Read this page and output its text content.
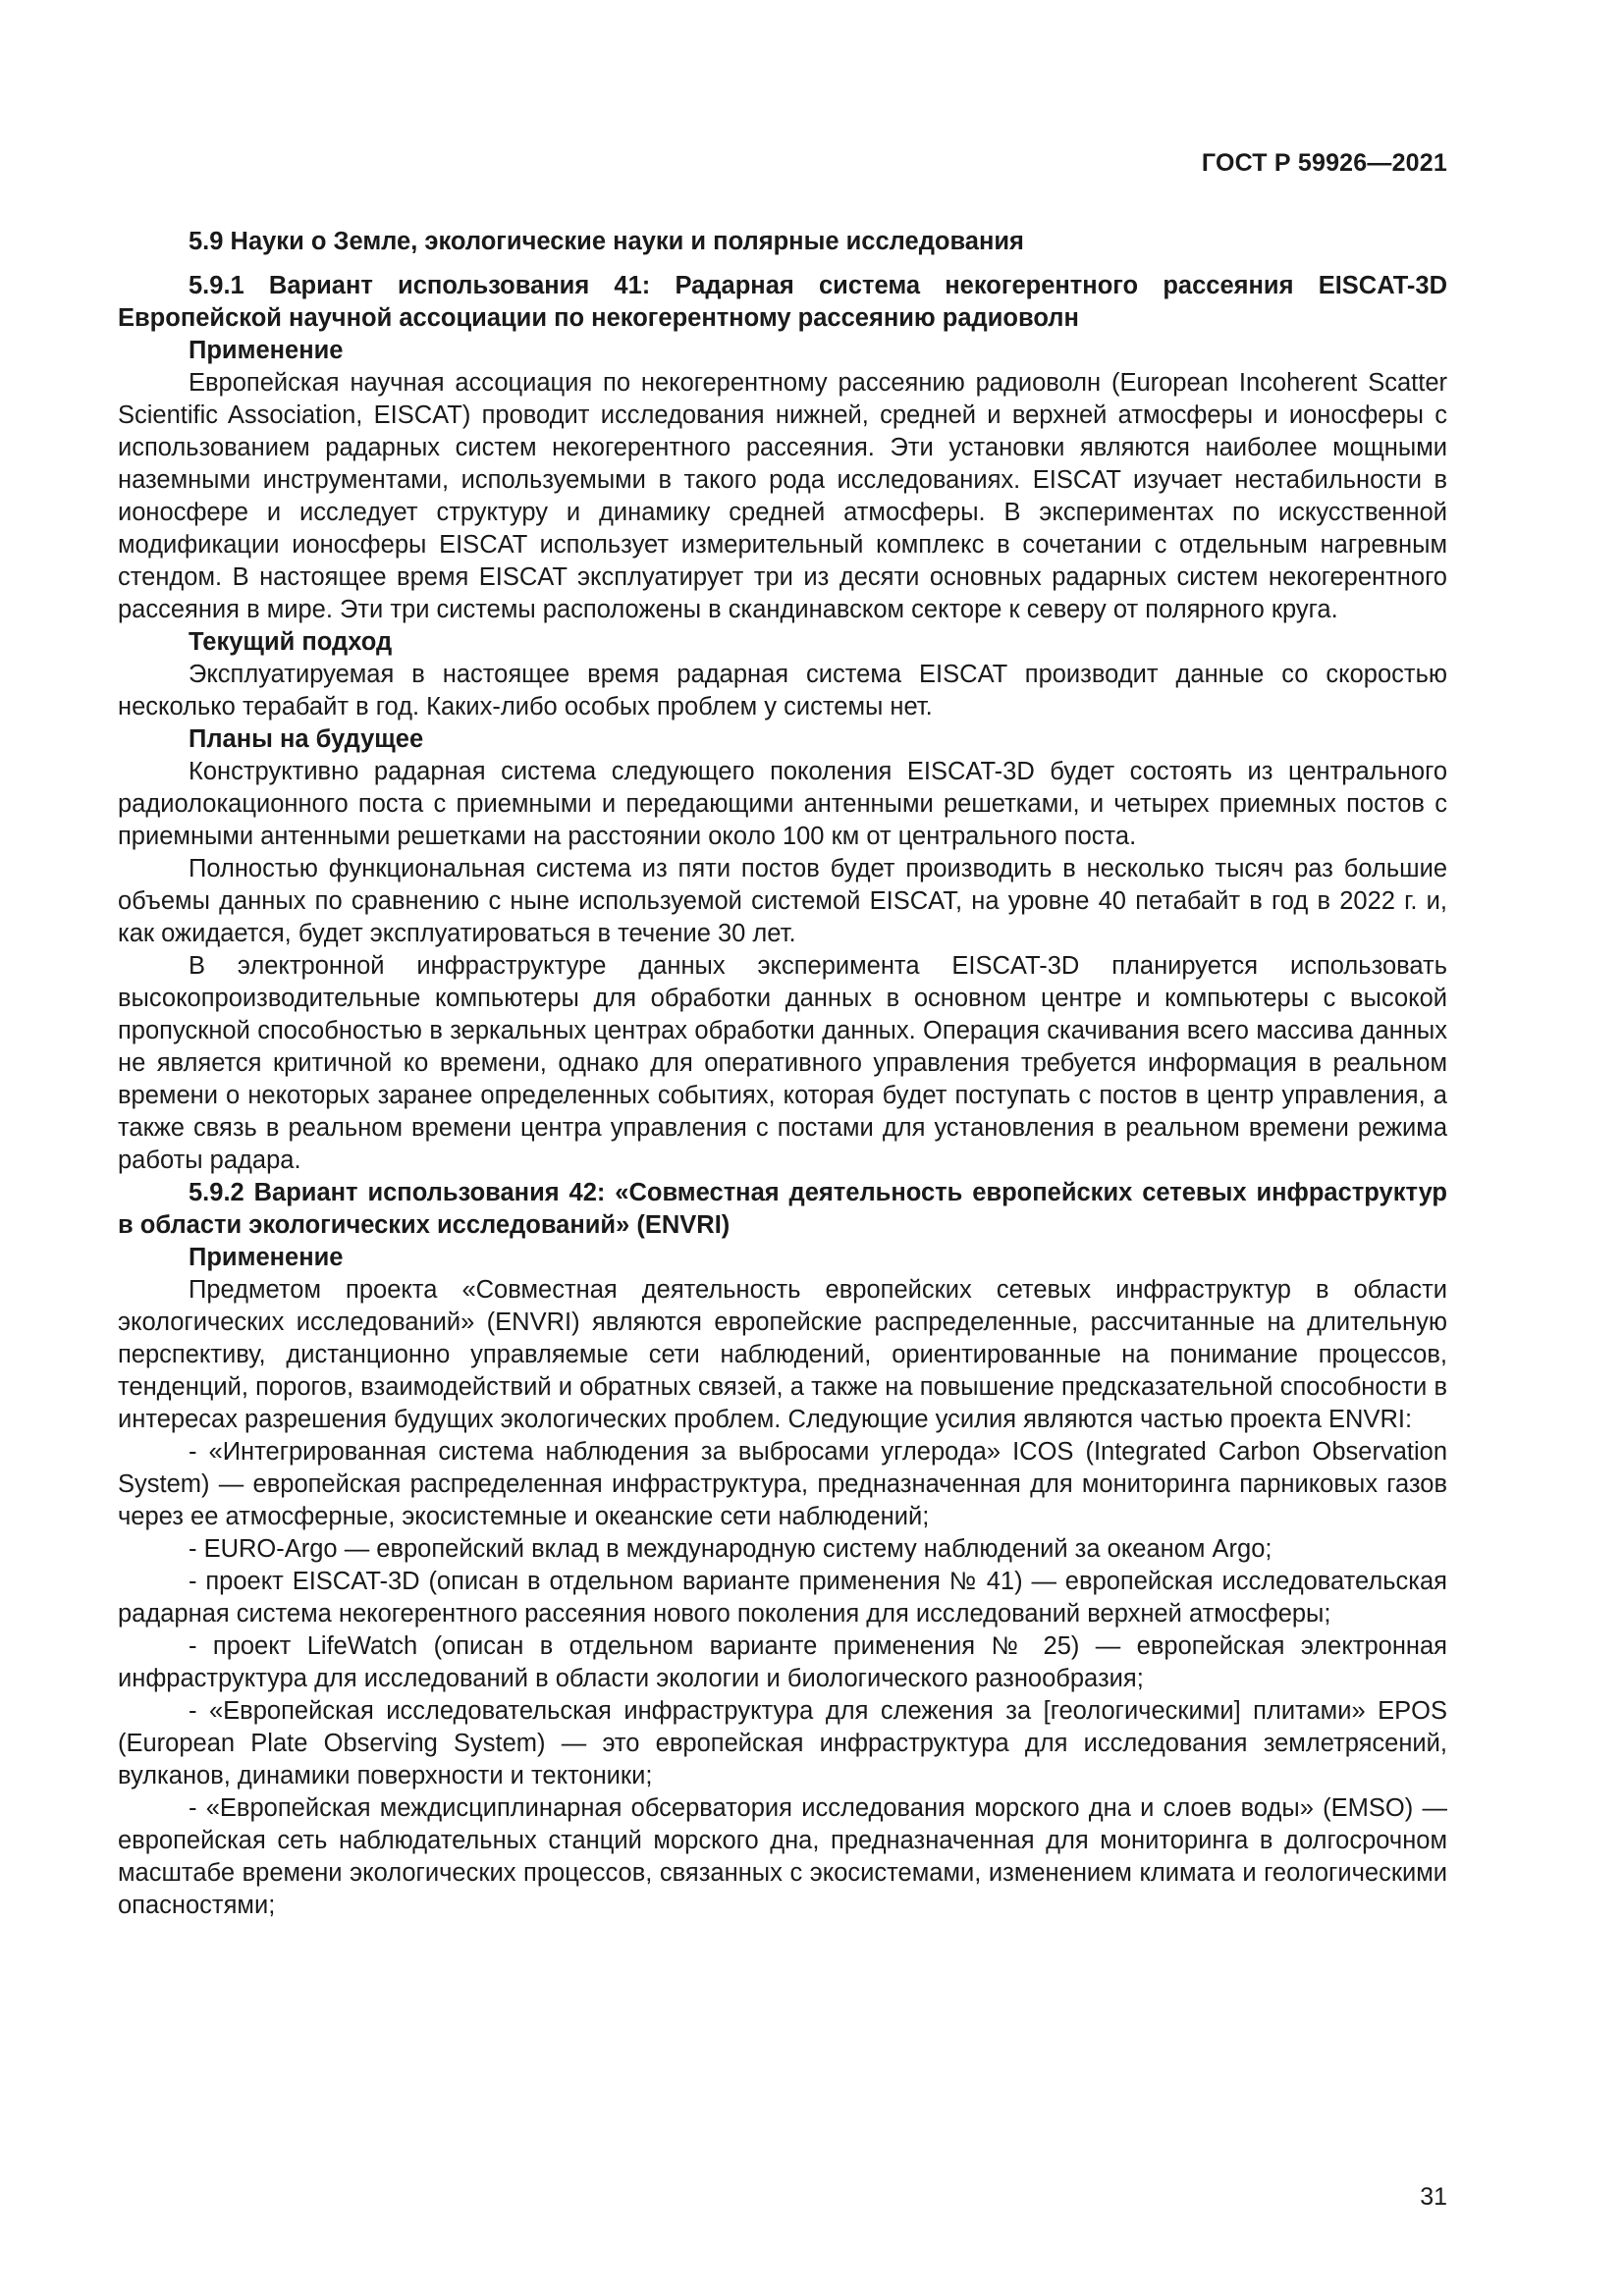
ГОСТ Р 59926—2021

5.9 Науки о Земле, экологические науки и полярные исследования

5.9.1 Вариант использования 41: Радарная система некогерентного рассеяния EISCAT-3D Европейской научной ассоциации по некогерентному рассеянию радиоволн

Применение

Европейская научная ассоциация по некогерентному рассеянию радиоволн (European Incoherent Scatter Scientific Association, EISCAT) проводит исследования нижней, средней и верхней атмосферы и ионосферы с использованием радарных систем некогерентного рассеяния. Эти установки являются наиболее мощными наземными инструментами, используемыми в такого рода исследованиях. EISCAT изучает нестабильности в ионосфере и исследует структуру и динамику средней атмосферы. В экспериментах по искусственной модификации ионосферы EISCAT использует измерительный комплекс в сочетании с отдельным нагревным стендом. В настоящее время EISCAT эксплуатирует три из десяти основных радарных систем некогерентного рассеяния в мире. Эти три системы расположены в скандинавском секторе к северу от полярного круга.

Текущий подход

Эксплуатируемая в настоящее время радарная система EISCAT производит данные со скоростью несколько терабайт в год. Каких-либо особых проблем у системы нет.

Планы на будущее

Конструктивно радарная система следующего поколения EISCAT-3D будет состоять из центрального радиолокационного поста с приемными и передающими антенными решетками, и четырех приемных постов с приемными антенными решетками на расстоянии около 100 км от центрального поста.

Полностью функциональная система из пяти постов будет производить в несколько тысяч раз большие объемы данных по сравнению с ныне используемой системой EISCAT, на уровне 40 петабайт в год в 2022 г. и, как ожидается, будет эксплуатироваться в течение 30 лет.

В электронной инфраструктуре данных эксперимента EISCAT-3D планируется использовать высокопроизводительные компьютеры для обработки данных в основном центре и компьютеры с высокой пропускной способностью в зеркальных центрах обработки данных. Операция скачивания всего массива данных не является критичной ко времени, однако для оперативного управления требуется информация в реальном времени о некоторых заранее определенных событиях, которая будет поступать с постов в центр управления, а также связь в реальном времени центра управления с постами для установления в реальном времени режима работы радара.

5.9.2 Вариант использования 42: «Совместная деятельность европейских сетевых инфраструктур в области экологических исследований» (ENVRI)

Применение

Предметом проекта «Совместная деятельность европейских сетевых инфраструктур в области экологических исследований» (ENVRI) являются европейские распределенные, рассчитанные на длительную перспективу, дистанционно управляемые сети наблюдений, ориентированные на понимание процессов, тенденций, порогов, взаимодействий и обратных связей, а также на повышение предсказательной способности в интересах разрешения будущих экологических проблем. Следующие усилия являются частью проекта ENVRI:

- «Интегрированная система наблюдения за выбросами углерода» ICOS (Integrated Carbon Observation System) — европейская распределенная инфраструктура, предназначенная для мониторинга парниковых газов через ее атмосферные, экосистемные и океанские сети наблюдений;

- EURO-Argo — европейский вклад в международную систему наблюдений за океаном Argo;

- проект EISCAT-3D (описан в отдельном варианте применения № 41) — европейская исследовательская радарная система некогерентного рассеяния нового поколения для исследований верхней атмосферы;

- проект LifeWatch (описан в отдельном варианте применения № 25) — европейская электронная инфраструктура для исследований в области экологии и биологического разнообразия;

- «Европейская исследовательская инфраструктура для слежения за [геологическими] плитами» EPOS (European Plate Observing System) — это европейская инфраструктура для исследования землетрясений, вулканов, динамики поверхности и тектоники;

- «Европейская междисциплинарная обсерватория исследования морского дна и слоев воды» (EMSO) — европейская сеть наблюдательных станций морского дна, предназначенная для мониторинга в долгосрочном масштабе времени экологических процессов, связанных с экосистемами, изменением климата и геологическими опасностями;

31
